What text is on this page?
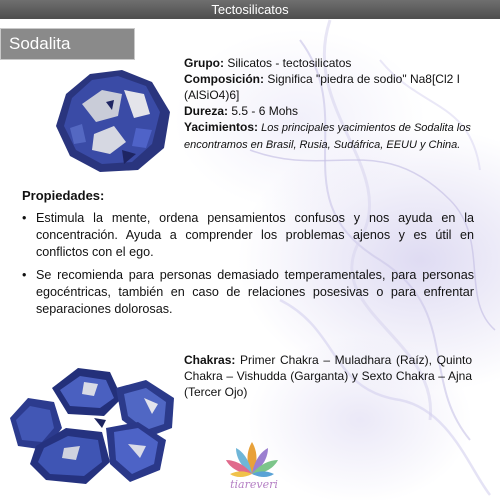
Tectosilicatos
Sodalita

Grupo: Silicatos - tectosilicatos

Composición: Significa "piedra de sodio" Na8[Cl2 I (AlSiO4)6]

Dureza: 5.5 - 6 Mohs

Yacimientos: Los principales yacimientos de Sodalita los encontramos en Brasil, Rusia, Sudáfrica, EEUU y China.

Propiedades:
• Estimula la mente, ordena pensamientos confusos y nos ayuda en la concentración. Ayuda a comprender los problemas ajenos y es útil en conflictos con el ego.
• Se recomienda para personas demasiado temperamentales, para personas egocéntricas, también en caso de relaciones posesivas o para enfrentar separaciones dolorosas.
Chakras: Primer Chakra – Muladhara (Raíz), Quinto Chakra – Vishudda (Garganta) y Sexto Chakra – Ajna (Tercer Ojo)
tiareveri
